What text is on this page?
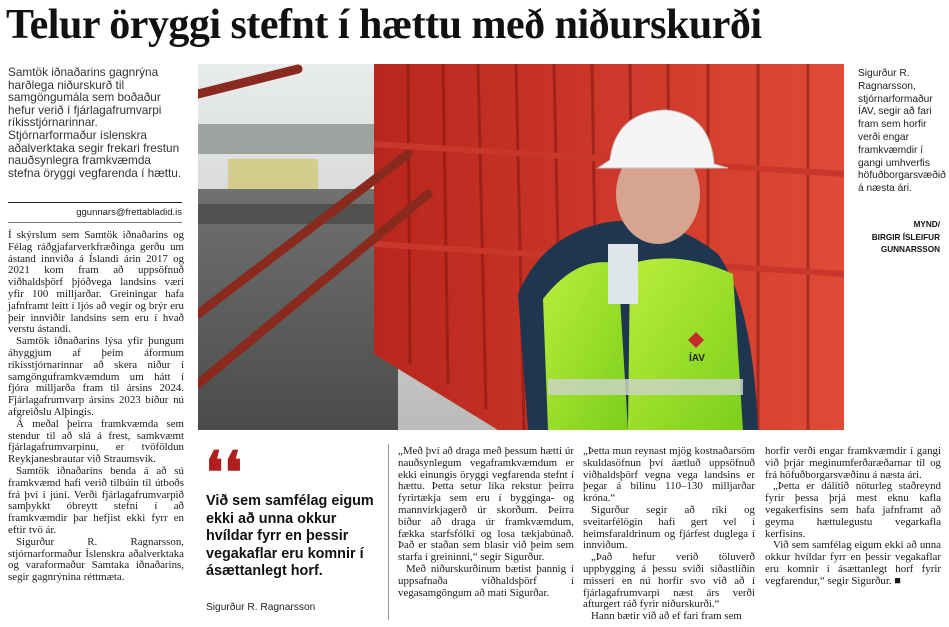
Telur öryggi stefnt í hættu með niðurskurði
Samtök iðnaðarins gagnrýna harðlega niðurskurð til samgöngumála sem boðaður hefur verið í fjárlagafrumvarpi ríkisstjórnarinnar. Stjórnarformaður íslenskra aðalverktaka segir frekari frestun nauðsynlegra framkvæmda stefna öryggi vegfarenda í hættu.
ggunnars@frettabladid.is

Í skýrslum sem Samtök iðnaðarins og Félag ráðgjafarverkfræðinga gerðu um ástand innviða á Íslandi árin 2017 og 2021 kom fram að uppsöfnuð viðhaldsþörf þjóðvega landsins væri yfir 100 milljarðar. Greiningar hafa jafnframt leitt í ljós að vegir og brýr eru þeir innviðir landsins sem eru í hvað verstu ástandi.

Samtök iðnaðarins lýsa yfir þungum áhyggjum af þeim áformum ríkisstjórnarinnar að skera niður í samgönguframkvæmdum um hátt í fjóra milljarða fram til ársins 2024. Fjárlagafrumvarp ársins 2023 bíður nú afgreiðslu Alþingis.

Á meðal þeirra framkvæmda sem stendur til að slá á frest, samkvæmt fjárlagafrumvarpinu, er tvöföldun Reykjanesbrautar við Straumsvík.

Samtök iðnaðarins benda á að sú framkvæmd hafi verið tilbúin til útboðs frá því í júní. Verði fjárlagafrumvarpið samþykkt óbreytt stefni í að framkvæmdir þar hefjist ekki fyrr en eftir tvö ár.

Sigurður R. Ragnarsson, stjórnarformaður Íslenskra aðalverktaka og varaformaður Samtaka iðnaðarins, segir gagnrýnina réttmæta.

ÍAV
Sigurður R. Ragnarsson, stjórnarformaður ÍAV, segir að fari fram sem horfir verði engar framkvæmdir í gangi umhverfis höfuðborgarsvæðið á næsta ári.
MYND/
BIRGIR ÍSLEIFUR
GUNNARSSON
❛❛
Við sem samfélag eigum ekki að unna okkur hvíldar fyrr en þessir vegakaflar eru komnir í ásættanlegt horf.
Sigurður R. Ragnarsson

„Með því að draga með þessum hætti úr nauðsynlegum vegaframkvæmdum er ekki einungis öryggi vegfarenda stefnt í hættu. Þetta setur líka rekstur þeirra fyrirtækja sem eru í bygginga- og mannvirkjagerð úr skorðum. Þeirra bíður að draga úr framkvæmdum, fækka starfsfólki og losa tækjabúnað. Það er staðan sem blasir við þeim sem starfa í greininni,“ segir Sigurður.

Með niðurskurðinum bætist þannig í uppsafnaða viðhaldsþörf í vegasamgöngum að mati Sigurðar.

„Þetta mun reynast mjög kostnaðarsöm skuldasöfnun því áætluð uppsöfnuð viðhaldsþörf vegna vega landsins er þegar á bilinu 110–130 milljarðar króna.“

Sigurður segir að ríki og sveitarfélögin hafi gert vel í heimsfaraldrinum og fjárfest duglega í innviðum.

„Það hefur verið töluverð uppbygging á þessu sviði síðastliðin misseri en nú horfir svo við að í fjárlagafrumvarpi næst árs verði afturgert ráð fyrir niðurskurði.“

Hann bætir við að ef fari fram sem

horfir verði engar framkvæmdir í gangi við þrjár meginumferðaræðarnar til og frá höfuðborgarsvæðinu á næsta ári.

„Þetta er dálítið nöturleg staðreynd fyrir þessa þrjá mest eknu kafla vegakerfisins sem hafa jafnframt að geyma hættulegustu vegarkafla kerfisins.

Við sem samfélag eigum ekki að unna okkur hvíldar fyrr en þessir vegakaflar eru komnir í ásættanlegt horf fyrir vegfarendur,“ segir Sigurður. ■
